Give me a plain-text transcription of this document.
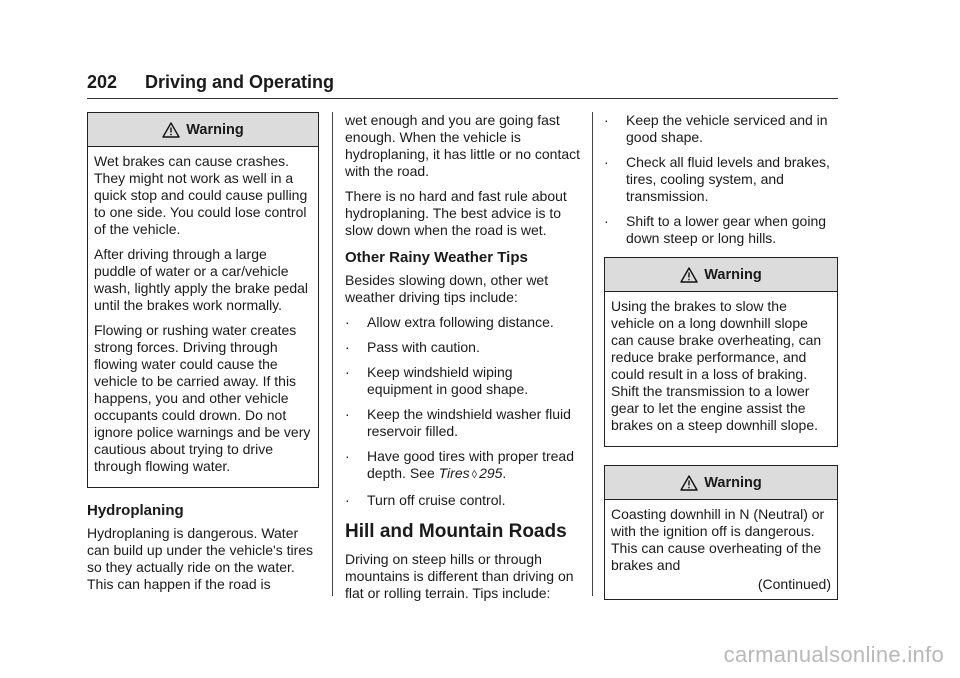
202 Driving and Operating
Warning

Wet brakes can cause crashes. They might not work as well in a quick stop and could cause pulling to one side. You could lose control of the vehicle.

After driving through a large puddle of water or a car/vehicle wash, lightly apply the brake pedal until the brakes work normally.

Flowing or rushing water creates strong forces. Driving through flowing water could cause the vehicle to be carried away. If this happens, you and other vehicle occupants could drown. Do not ignore police warnings and be very cautious about trying to drive through flowing water.

Hydroplaning

Hydroplaning is dangerous. Water can build up under the vehicle's tires so they actually ride on the water. This can happen if the road is

wet enough and you are going fast enough. When the vehicle is hydroplaning, it has little or no contact with the road.

There is no hard and fast rule about hydroplaning. The best advice is to slow down when the road is wet.

Other Rainy Weather Tips

Besides slowing down, other wet weather driving tips include:

· Allow extra following distance.
· Pass with caution.
· Keep windshield wiping equipment in good shape.
· Keep the windshield washer fluid reservoir filled.
· Have good tires with proper tread depth. See Tires ◊ 295.
· Turn off cruise control.
Hill and Mountain Roads

Driving on steep hills or through mountains is different than driving on flat or rolling terrain. Tips include:

· Keep the vehicle serviced and in good shape.
· Check all fluid levels and brakes, tires, cooling system, and transmission.
· Shift to a lower gear when going down steep or long hills.
Warning

Using the brakes to slow the vehicle on a long downhill slope can cause brake overheating, can reduce brake performance, and could result in a loss of braking. Shift the transmission to a lower gear to let the engine assist the brakes on a steep downhill slope.

Warning

Coasting downhill in N (Neutral) or with the ignition off is dangerous. This can cause overheating of the brakes and

(Continued)

carmanualsonline.info
